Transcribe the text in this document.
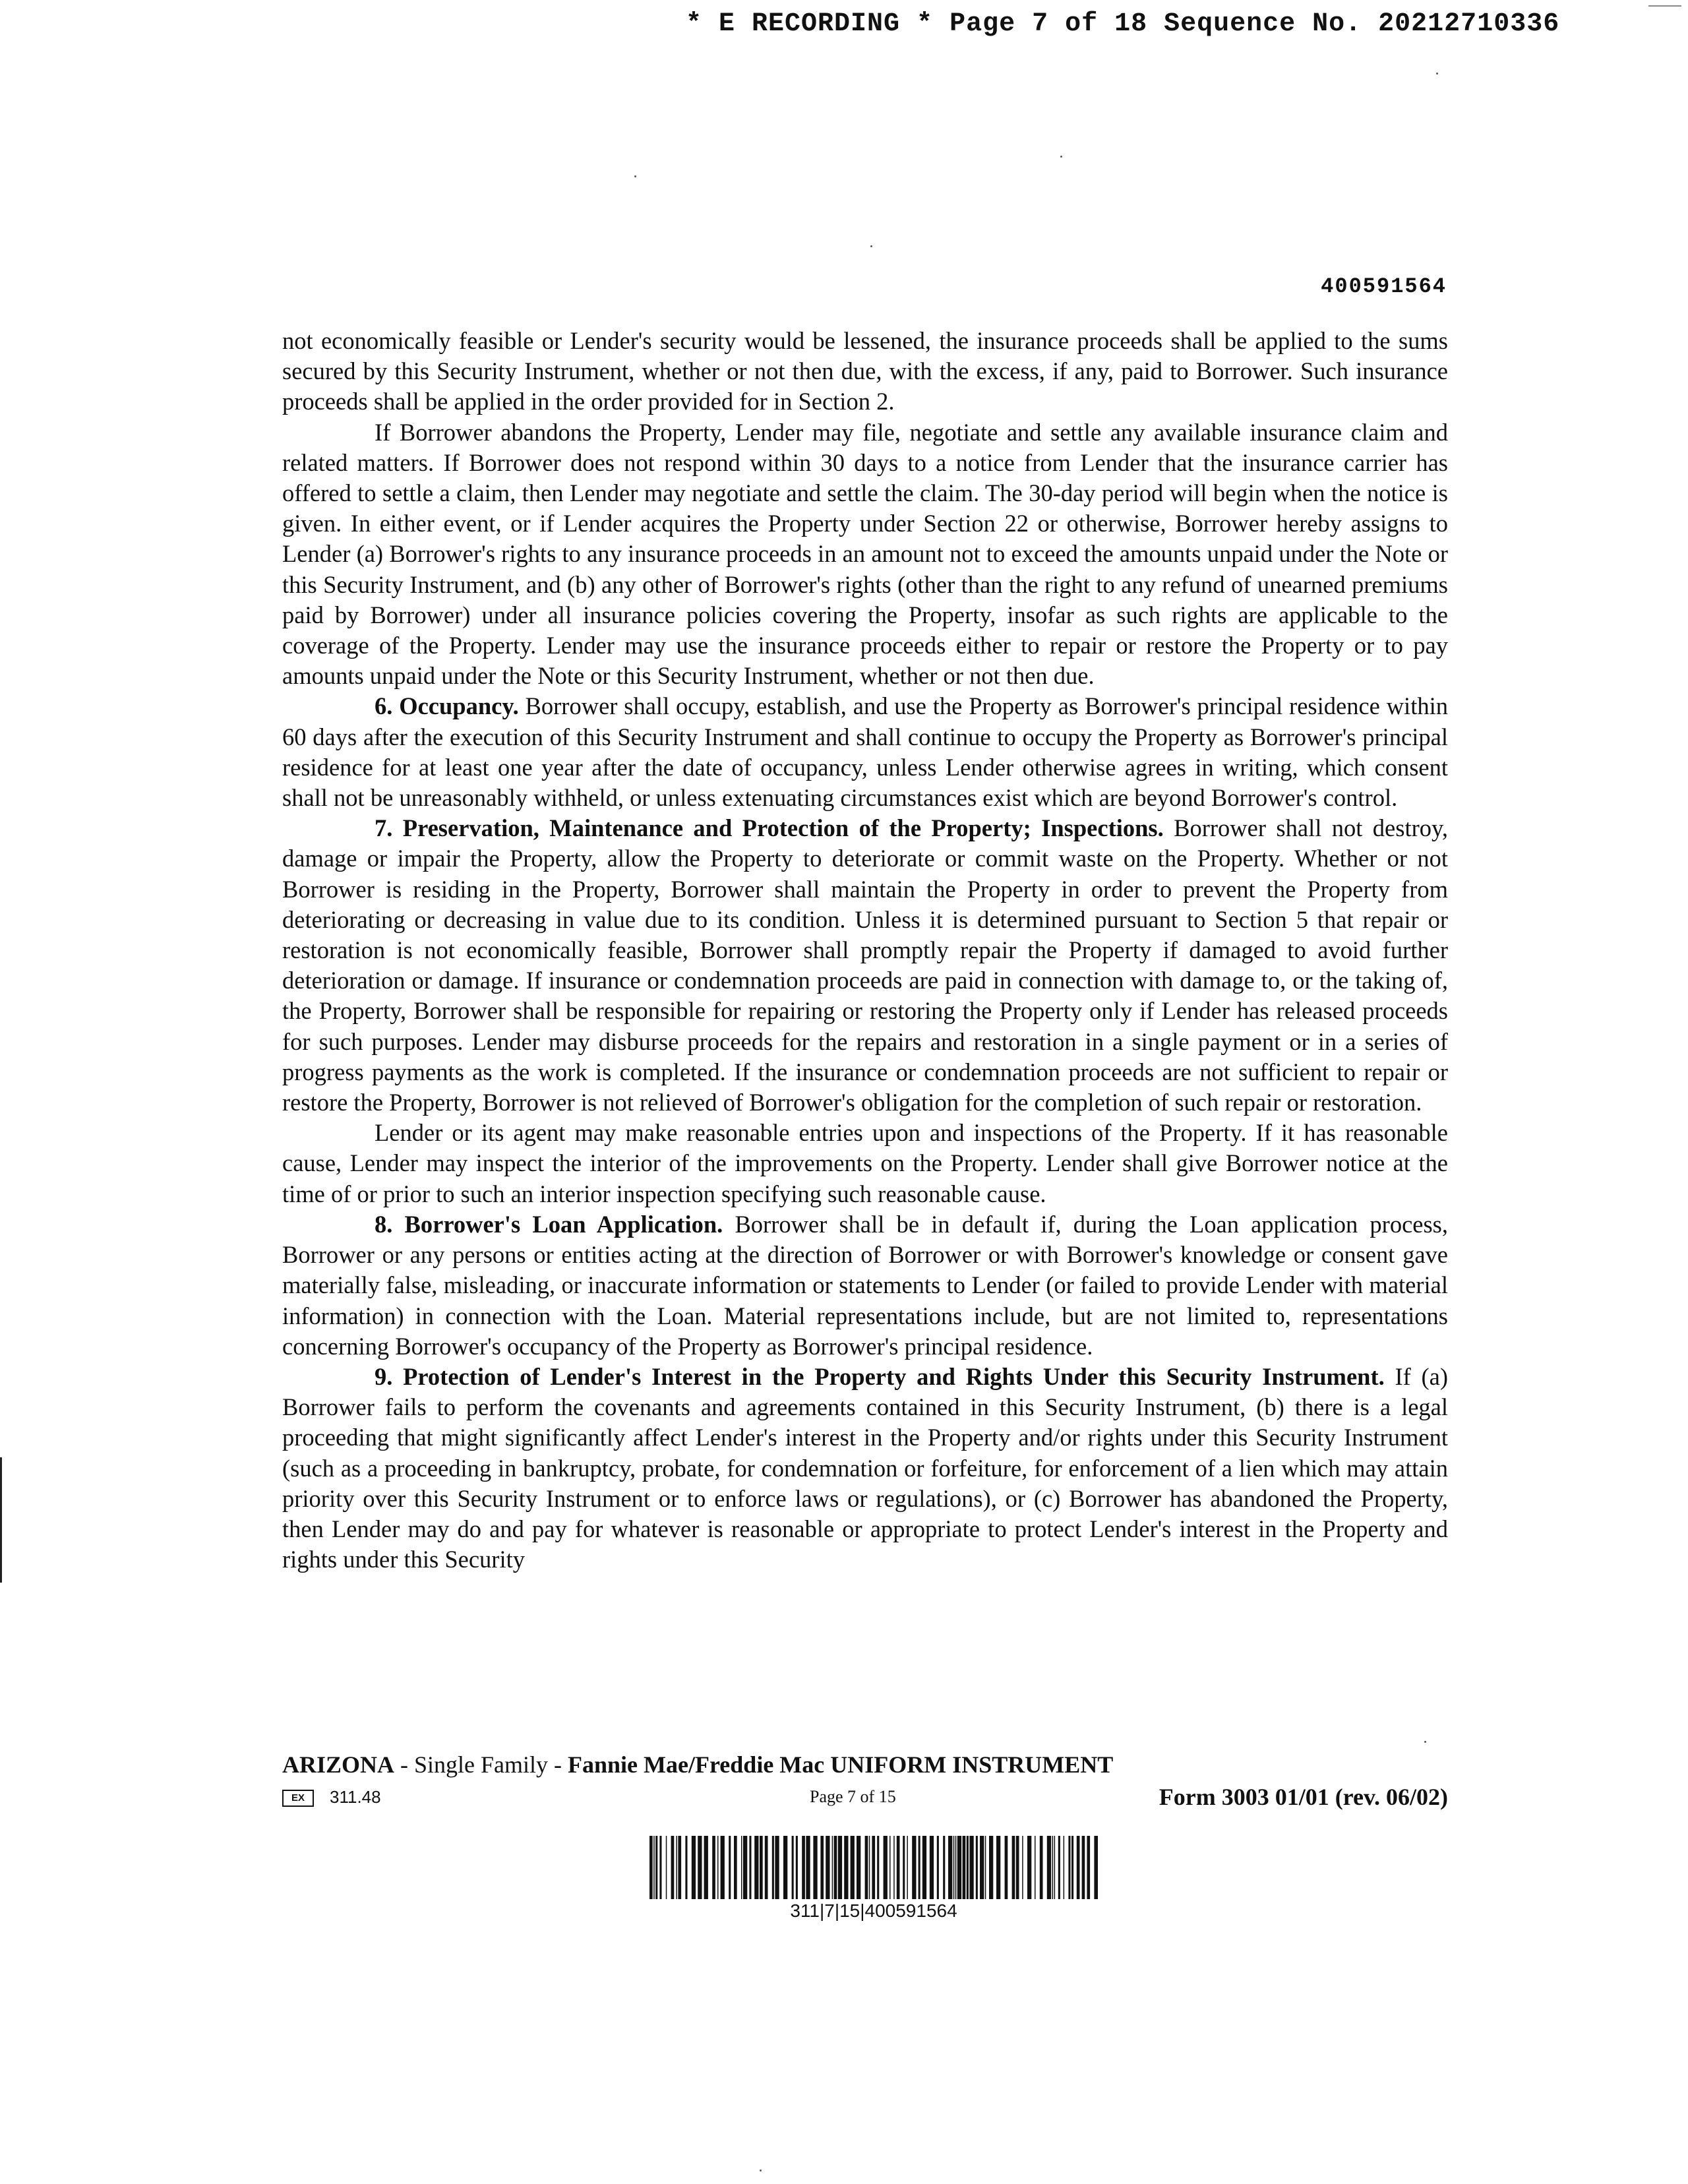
* E RECORDING * Page 7 of 18 Sequence No. 20212710336
400591564

not economically feasible or Lender's security would be lessened, the insurance proceeds shall be applied to the sums secured by this Security Instrument, whether or not then due, with the excess, if any, paid to Borrower. Such insurance proceeds shall be applied in the order provided for in Section 2.

If Borrower abandons the Property, Lender may file, negotiate and settle any available insurance claim and related matters. If Borrower does not respond within 30 days to a notice from Lender that the insurance carrier has offered to settle a claim, then Lender may negotiate and settle the claim. The 30-day period will begin when the notice is given. In either event, or if Lender acquires the Property under Section 22 or otherwise, Borrower hereby assigns to Lender (a) Borrower's rights to any insurance proceeds in an amount not to exceed the amounts unpaid under the Note or this Security Instrument, and (b) any other of Borrower's rights (other than the right to any refund of unearned premiums paid by Borrower) under all insurance policies covering the Property, insofar as such rights are applicable to the coverage of the Property. Lender may use the insurance proceeds either to repair or restore the Property or to pay amounts unpaid under the Note or this Security Instrument, whether or not then due.

6. Occupancy. Borrower shall occupy, establish, and use the Property as Borrower's principal residence within 60 days after the execution of this Security Instrument and shall continue to occupy the Property as Borrower's principal residence for at least one year after the date of occupancy, unless Lender otherwise agrees in writing, which consent shall not be unreasonably withheld, or unless extenuating circumstances exist which are beyond Borrower's control.

7. Preservation, Maintenance and Protection of the Property; Inspections. Borrower shall not destroy, damage or impair the Property, allow the Property to deteriorate or commit waste on the Property. Whether or not Borrower is residing in the Property, Borrower shall maintain the Property in order to prevent the Property from deteriorating or decreasing in value due to its condition. Unless it is determined pursuant to Section 5 that repair or restoration is not economically feasible, Borrower shall promptly repair the Property if damaged to avoid further deterioration or damage. If insurance or condemnation proceeds are paid in connection with damage to, or the taking of, the Property, Borrower shall be responsible for repairing or restoring the Property only if Lender has released proceeds for such purposes. Lender may disburse proceeds for the repairs and restoration in a single payment or in a series of progress payments as the work is completed. If the insurance or condemnation proceeds are not sufficient to repair or restore the Property, Borrower is not relieved of Borrower's obligation for the completion of such repair or restoration.

Lender or its agent may make reasonable entries upon and inspections of the Property. If it has reasonable cause, Lender may inspect the interior of the improvements on the Property. Lender shall give Borrower notice at the time of or prior to such an interior inspection specifying such reasonable cause.

8. Borrower's Loan Application. Borrower shall be in default if, during the Loan application process, Borrower or any persons or entities acting at the direction of Borrower or with Borrower's knowledge or consent gave materially false, misleading, or inaccurate information or statements to Lender (or failed to provide Lender with material information) in connection with the Loan. Material representations include, but are not limited to, representations concerning Borrower's occupancy of the Property as Borrower's principal residence.

9. Protection of Lender's Interest in the Property and Rights Under this Security Instrument. If (a) Borrower fails to perform the covenants and agreements contained in this Security Instrument, (b) there is a legal proceeding that might significantly affect Lender's interest in the Property and/or rights under this Security Instrument (such as a proceeding in bankruptcy, probate, for condemnation or forfeiture, for enforcement of a lien which may attain priority over this Security Instrument or to enforce laws or regulations), or (c) Borrower has abandoned the Property, then Lender may do and pay for whatever is reasonable or appropriate to protect Lender's interest in the Property and rights under this Security

ARIZONA - Single Family - Fannie Mae/Freddie Mac UNIFORM INSTRUMENT
EX	311.48	Page 7 of 15	Form 3003 01/01 (rev. 06/02)
311|7|15|400591564
